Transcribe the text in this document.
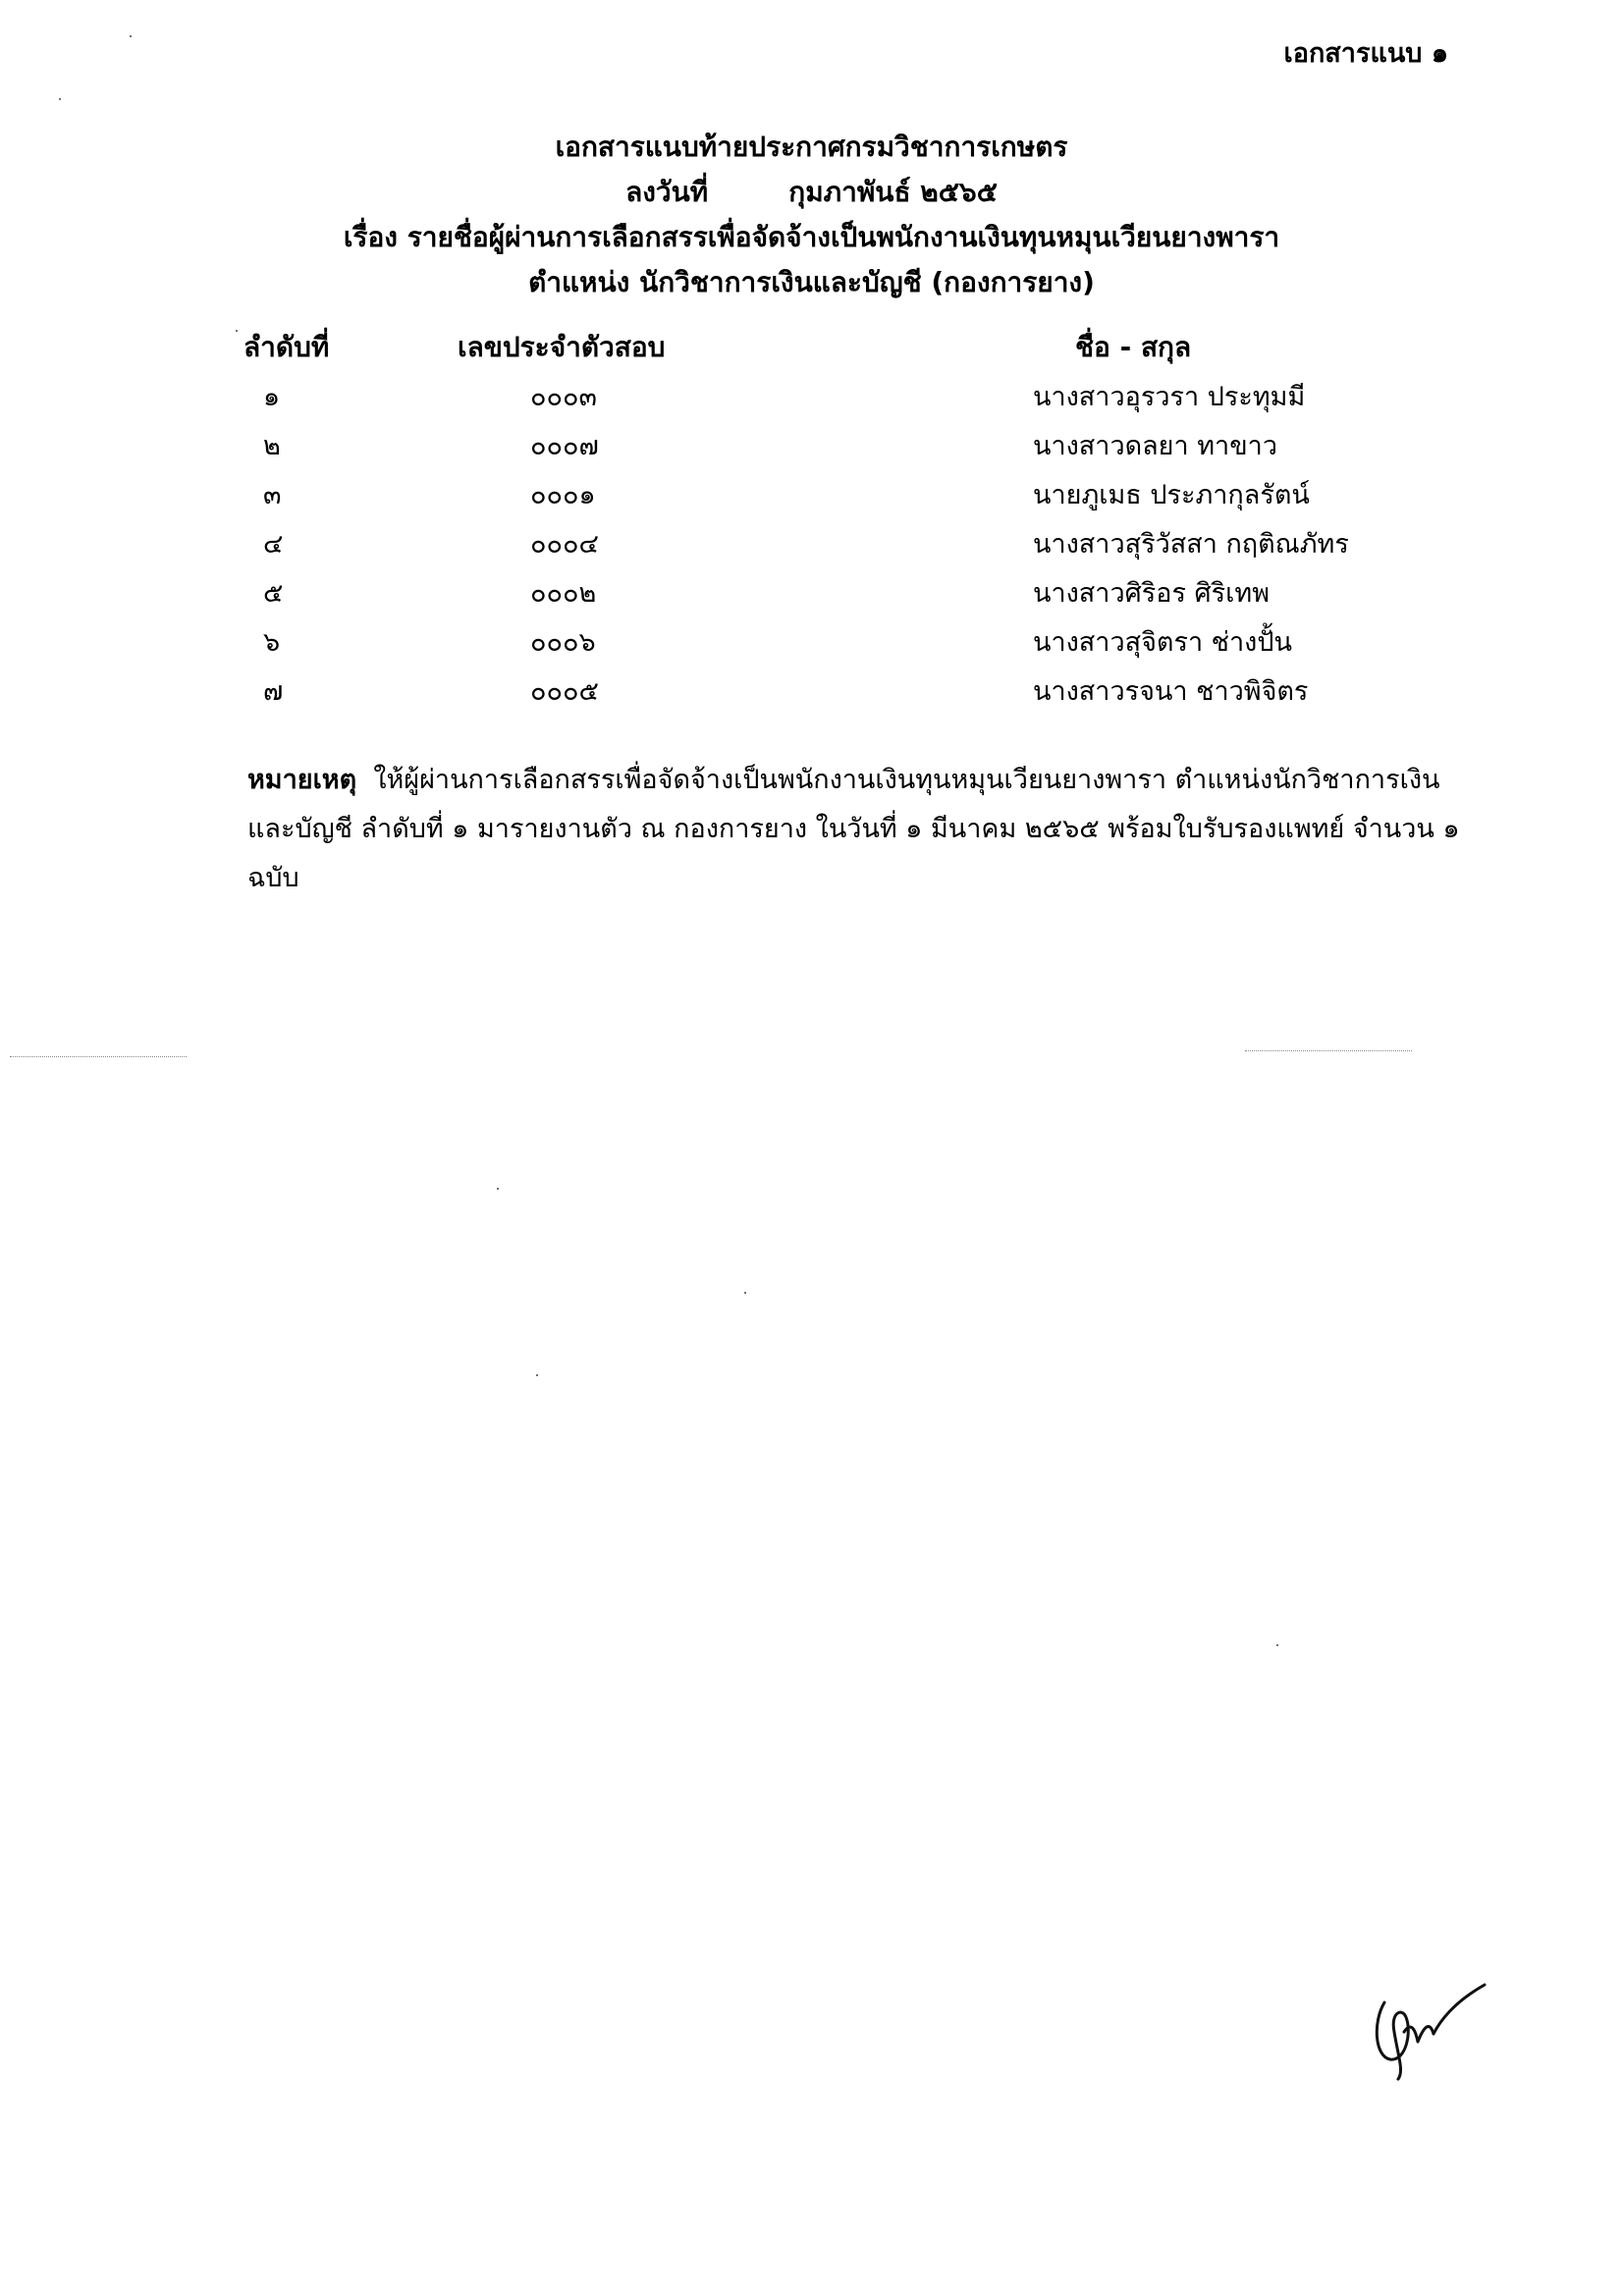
เอกสารแนบ ๑
เอกสารแนบท้ายประกาศกรมวิชาการเกษตร
ลงวันที่	กุมภาพันธ์ ๒๕๖๕
เรื่อง รายชื่อผู้ผ่านการเลือกสรรเพื่อจัดจ้างเป็นพนักงานเงินทุนหมุนเวียนยางพารา
ตำแหน่ง นักวิชาการเงินและบัญชี (กองการยาง)
ลำดับที่	เลขประจำตัวสอบ	ชื่อ - สกุล
๑	๐๐๐๓	นางสาวอุรวรา ประทุมมี
๒	๐๐๐๗	นางสาวดลยา ทาขาว
๓	๐๐๐๑	นายภูเมธ ประภากุลรัตน์
๔	๐๐๐๔	นางสาวสุริวัสสา กฤติณภัทร
๕	๐๐๐๒	นางสาวศิริอร ศิริเทพ
๖	๐๐๐๖	นางสาวสุจิตรา ช่างปั้น
๗	๐๐๐๕	นางสาวรจนา ชาวพิจิตร
หมายเหตุ ให้ผู้ผ่านการเลือกสรรเพื่อจัดจ้างเป็นพนักงานเงินทุนหมุนเวียนยางพารา ตำแหน่งนักวิชาการเงิน
และบัญชี ลำดับที่ ๑ มารายงานตัว ณ กองการยาง ในวันที่ ๑ มีนาคม ๒๕๖๕ พร้อมใบรับรองแพทย์ จำนวน ๑ ฉบับ
